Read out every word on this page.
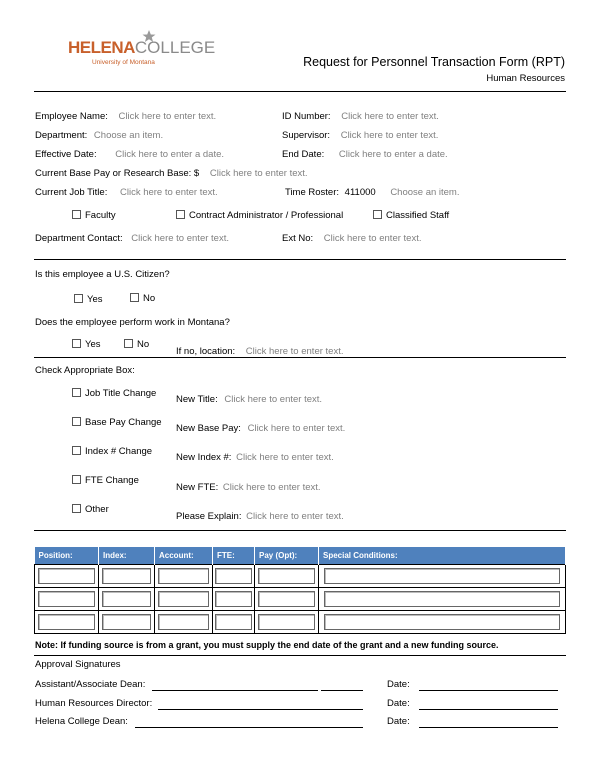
HELENACOLLEGE
University of Montana	Request for Personnel Transaction Form (RPT)
Human Resources
Employee Name: Click here to enter text.	ID Number: Click here to enter text.
Department: Choose an item.	Supervisor: Click here to enter text.
Effective Date: Click here to enter a date.	End Date: Click here to enter a date.
Current Base Pay or Research Base: $ Click here to enter text.
Current Job Title: Click here to enter text.	Time Roster: 411000 Choose an item.
Faculty	Contract Administrator / Professional	Classified Staff
Department Contact: Click here to enter text.	Ext No: Click here to enter text.
Is this employee a U.S. Citizen?
Yes	No
Does the employee perform work in Montana?
Yes	No
If no, location: Click here to enter text.
Check Appropriate Box:
Job Title Change
New Title: Click here to enter text.
Base Pay Change
New Base Pay: Click here to enter text.
Index # Change
New Index #: Click here to enter text.
FTE Change
New FTE: Click here to enter text.
Other
Please Explain: Click here to enter text.
Position:	Index:	Account:	FTE:	Pay (Opt):	Special Conditions:

Note: If funding source is from a grant, you must supply the end date of the grant and a new funding source.
Approval Signatures
Assistant/Associate Dean:	Date:
Human Resources Director:	Date:
Helena College Dean:	Date:
